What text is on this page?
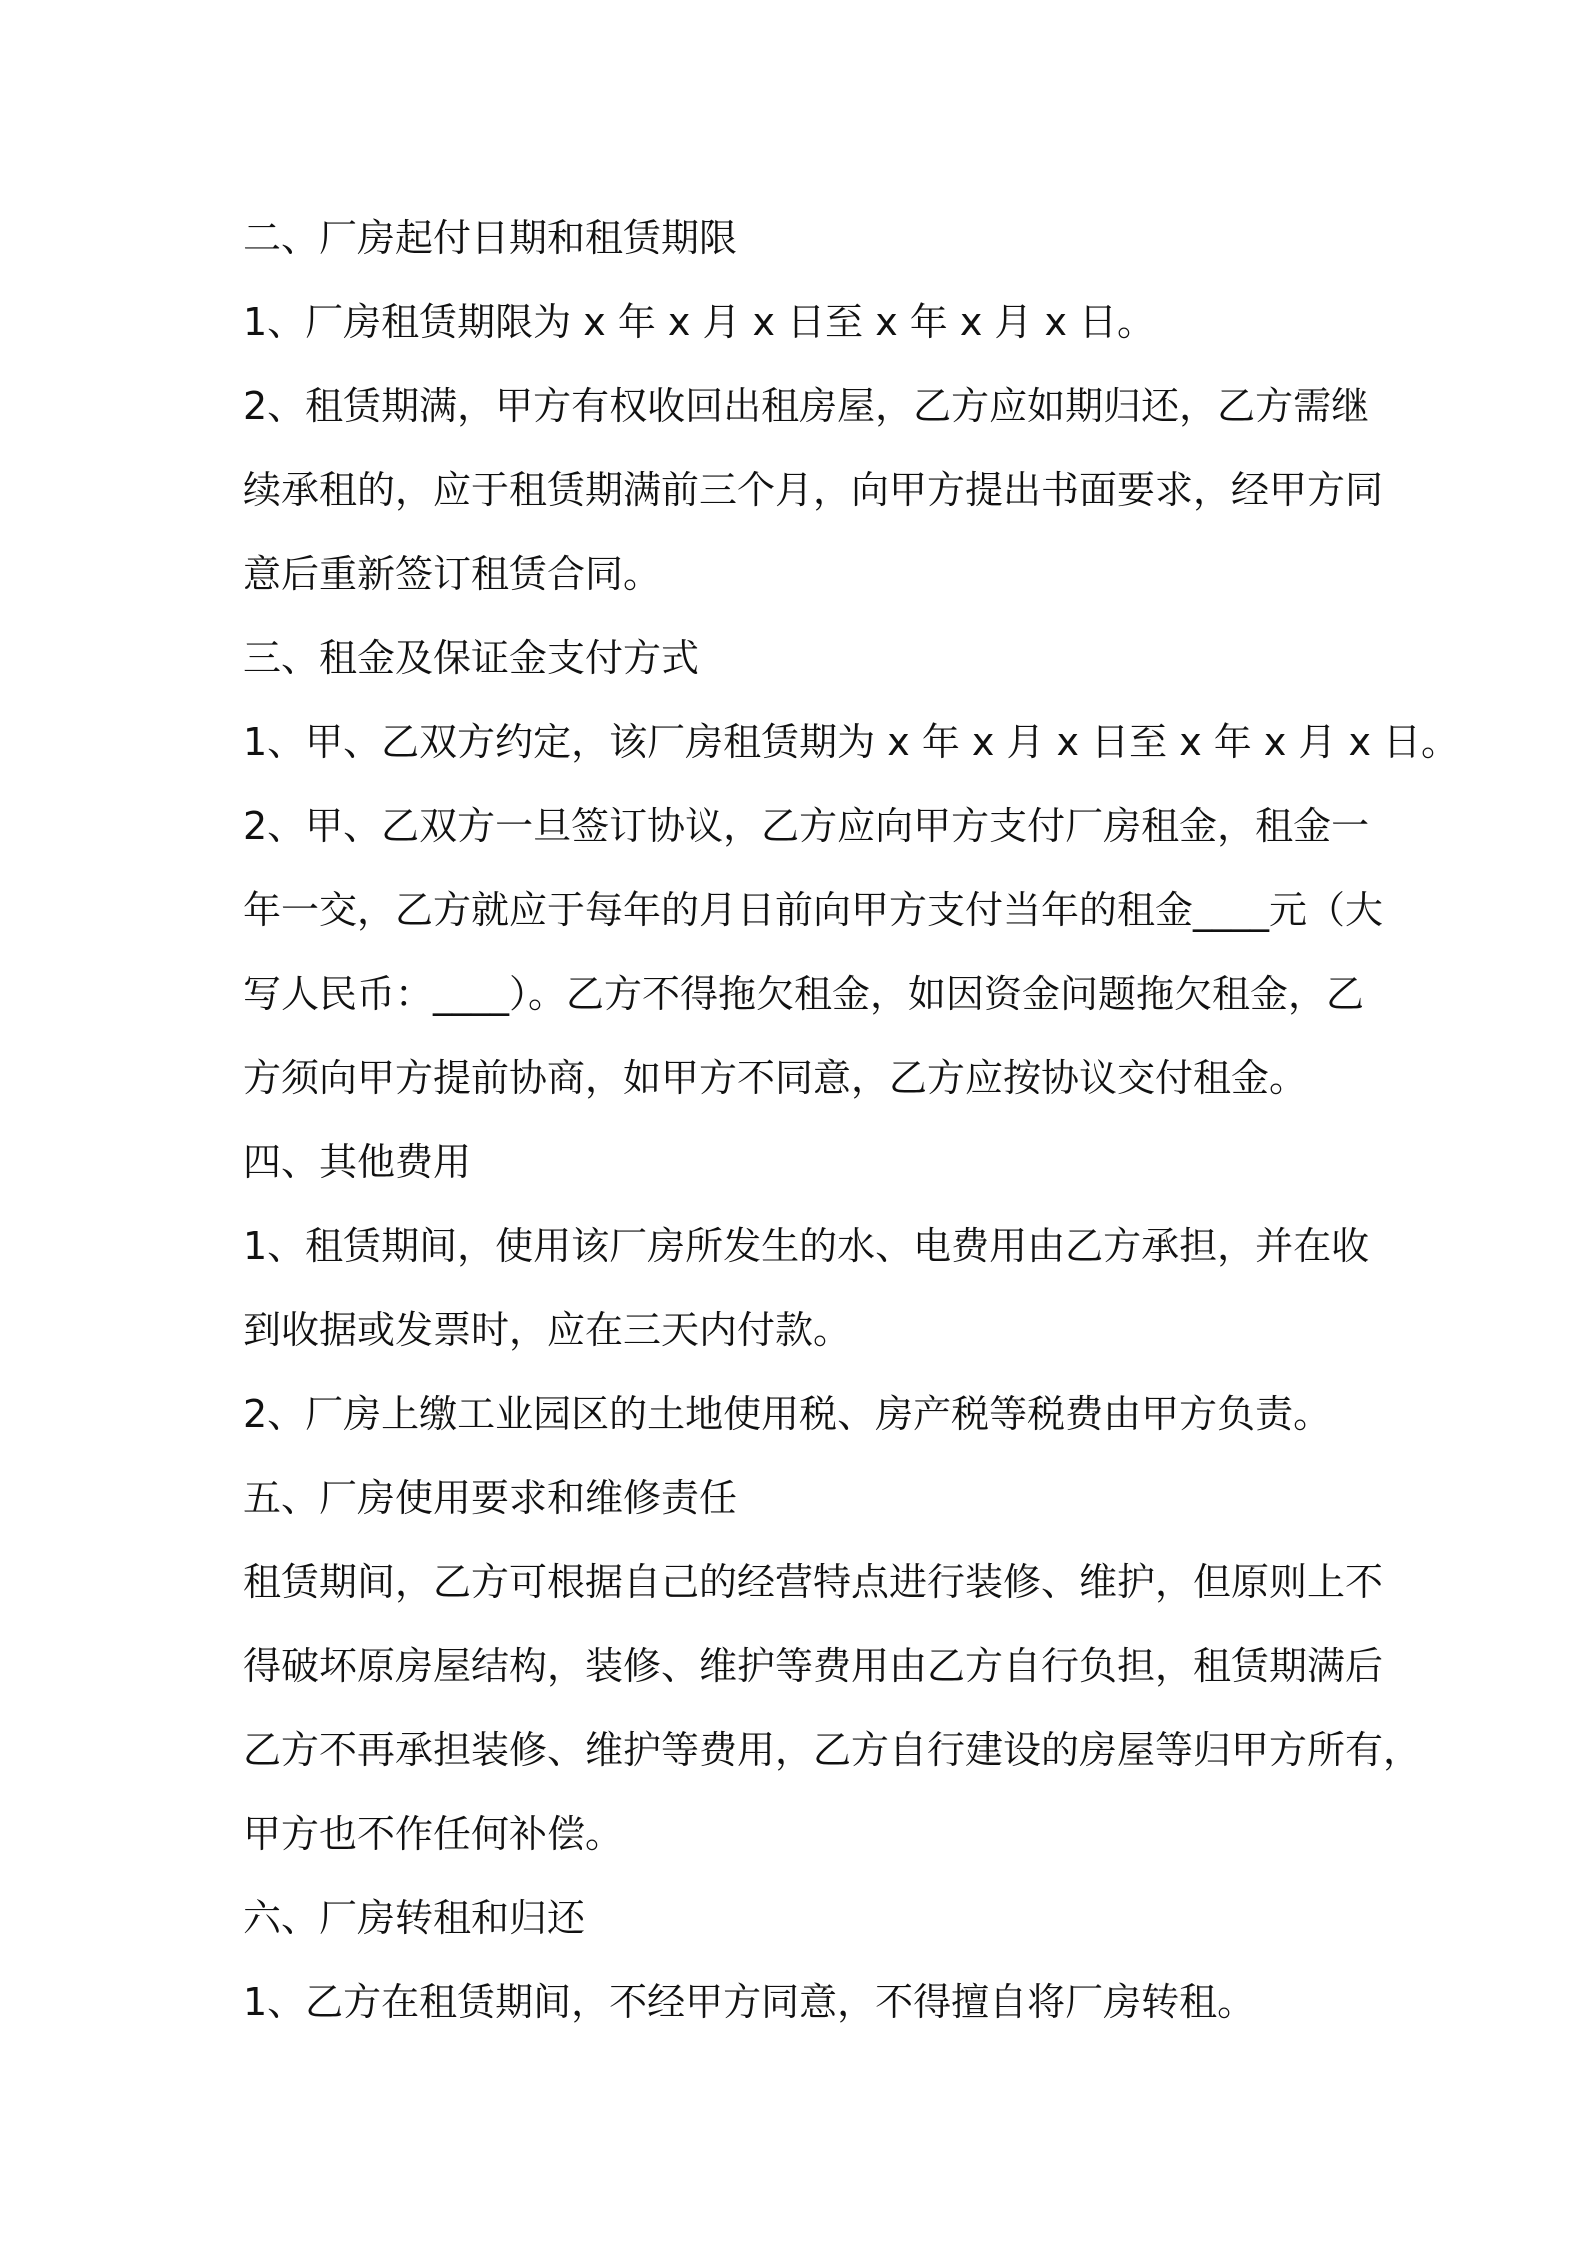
二、厂房起付日期和租赁期限
1、厂房租赁期限为 x 年 x 月 x 日至 x 年 x 月 x 日。
2、租赁期满，甲方有权收回出租房屋，乙方应如期归还，乙方需继
续承租的，应于租赁期满前三个月，向甲方提出书面要求，经甲方同
意后重新签订租赁合同。
三、租金及保证金支付方式
1、甲、乙双方约定，该厂房租赁期为 x 年 x 月 x 日至 x 年 x 月 x 日。
2、甲、乙双方一旦签订协议，乙方应向甲方支付厂房租金，租金一
年一交，乙方就应于每年的月日前向甲方支付当年的租金____元（大
写人民币：____）。乙方不得拖欠租金，如因资金问题拖欠租金，乙
方须向甲方提前协商，如甲方不同意，乙方应按协议交付租金。
四、其他费用
1、租赁期间，使用该厂房所发生的水、电费用由乙方承担，并在收
到收据或发票时，应在三天内付款。
2、厂房上缴工业园区的土地使用税、房产税等税费由甲方负责。
五、厂房使用要求和维修责任
租赁期间，乙方可根据自己的经营特点进行装修、维护，但原则上不
得破坏原房屋结构，装修、维护等费用由乙方自行负担，租赁期满后
乙方不再承担装修、维护等费用，乙方自行建设的房屋等归甲方所有，
甲方也不作任何补偿。
六、厂房转租和归还
1、乙方在租赁期间，不经甲方同意，不得擅自将厂房转租。
